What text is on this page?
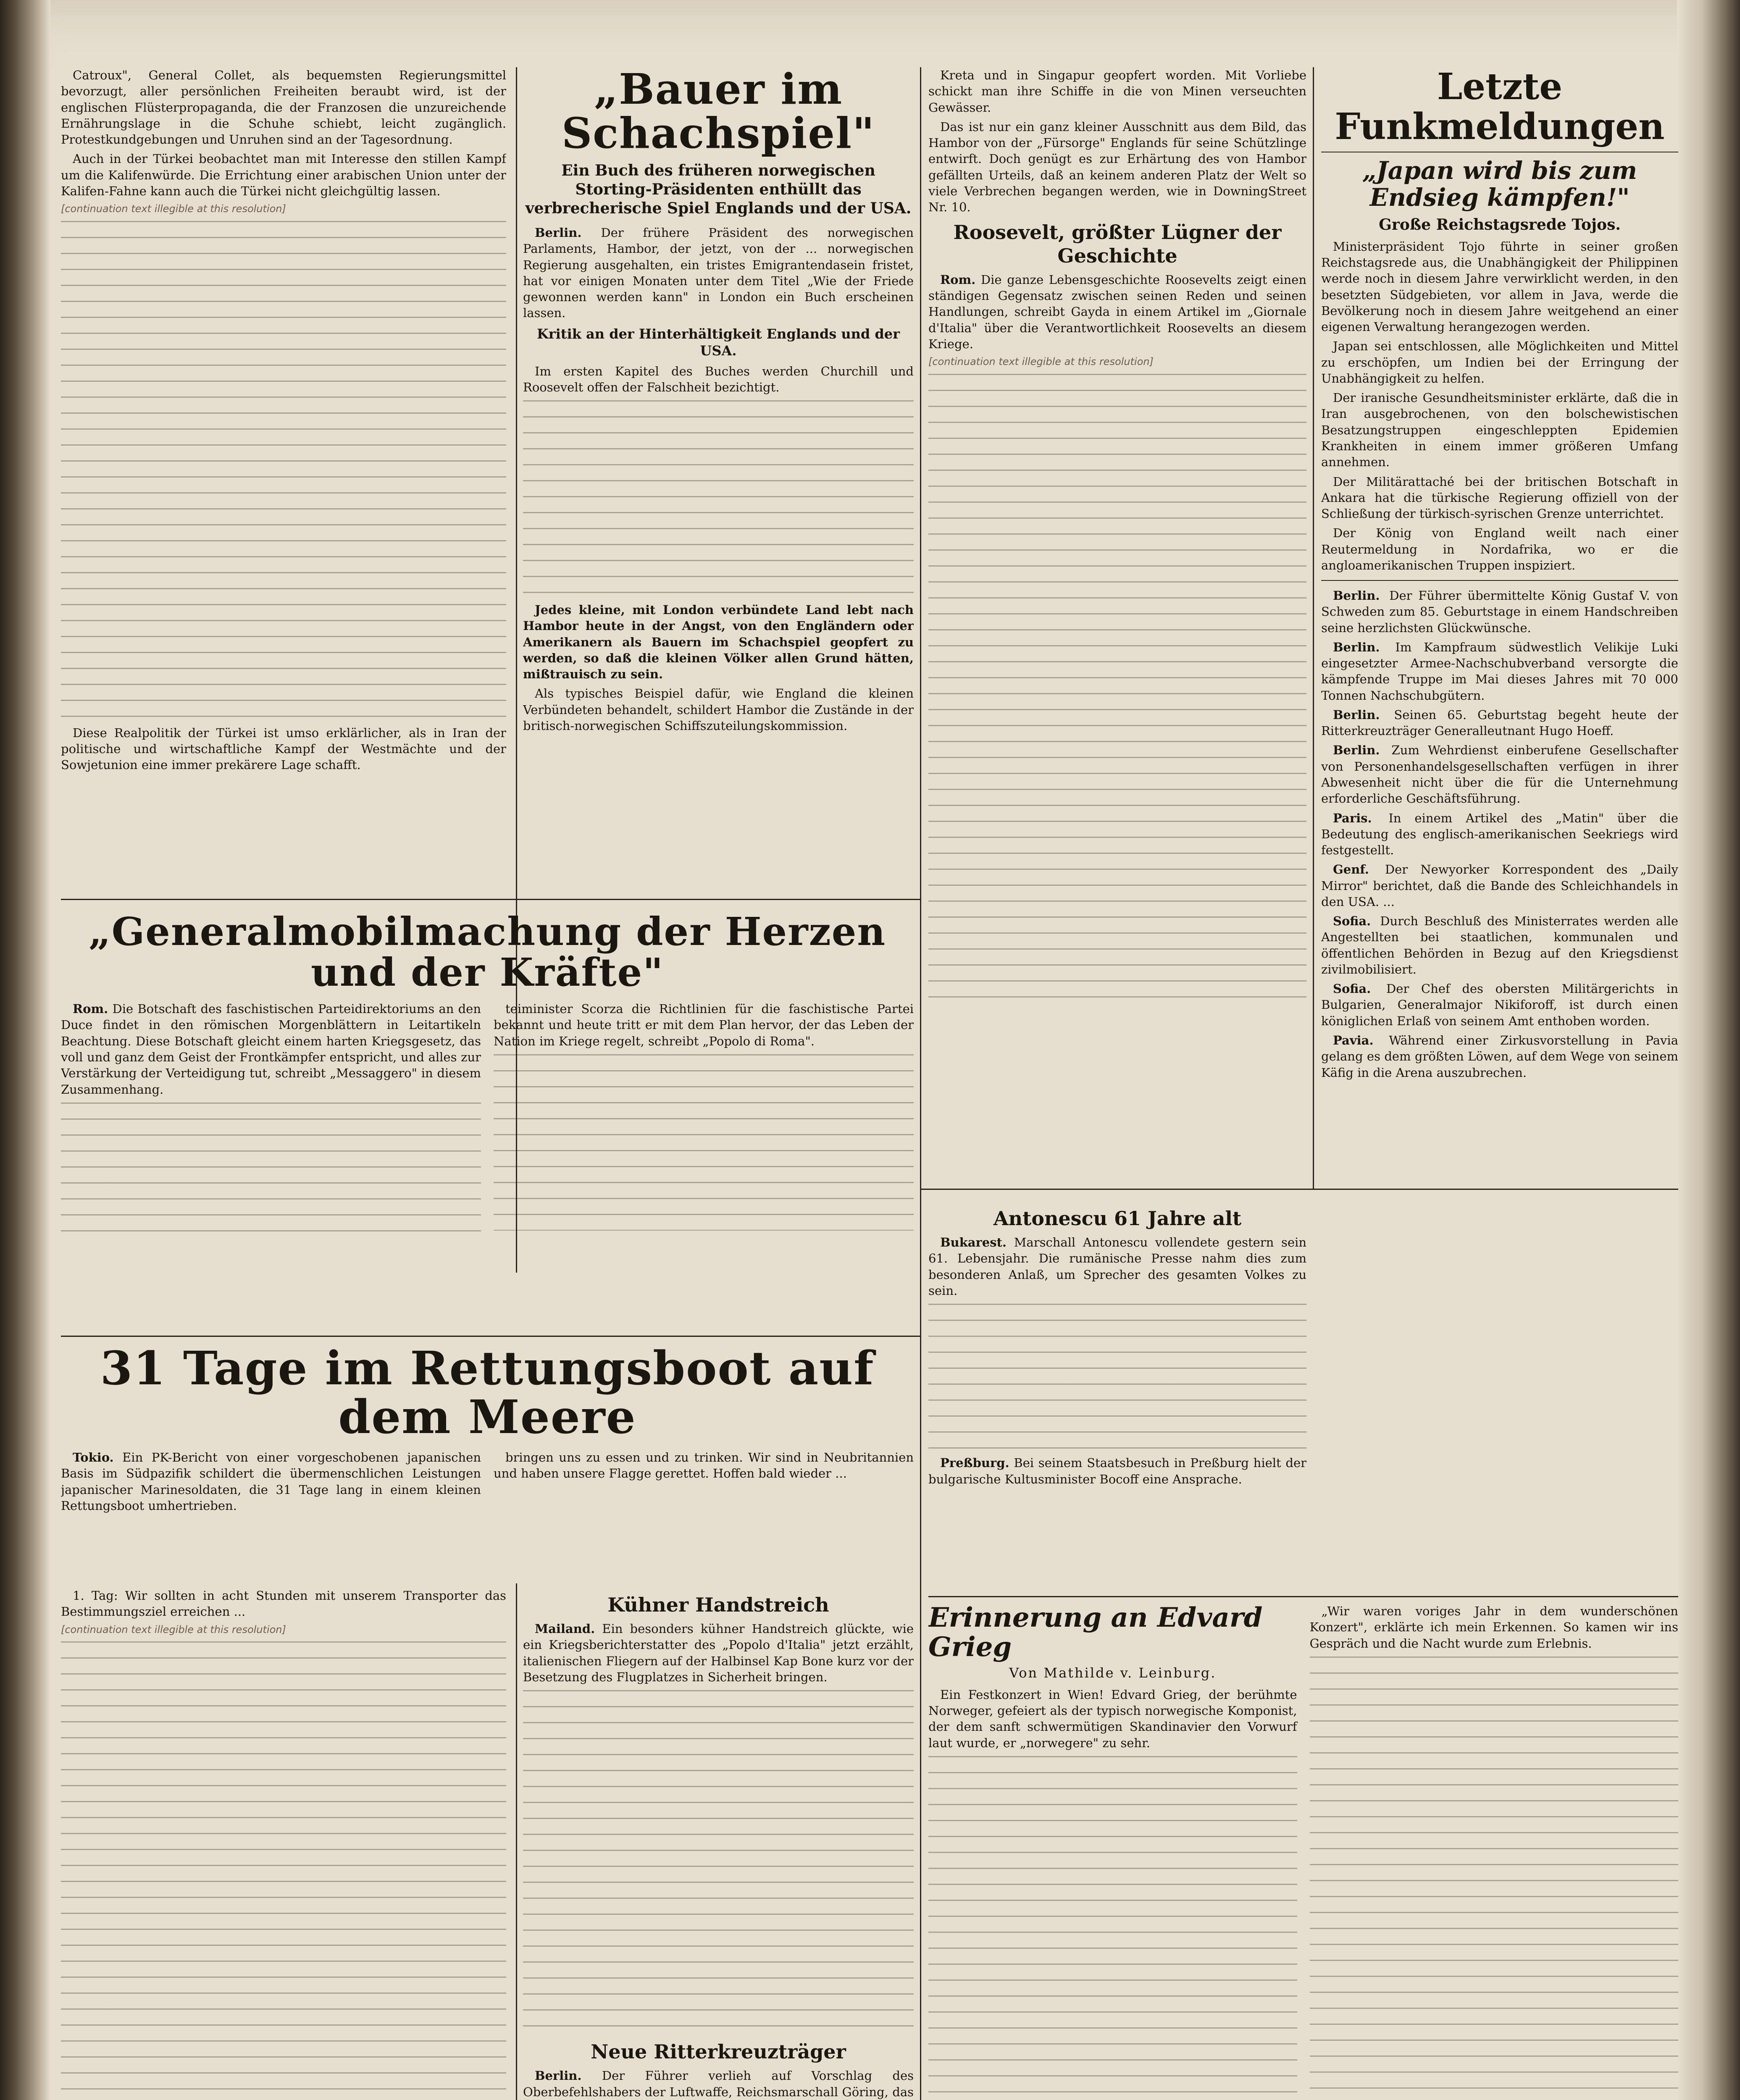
Catroux", General Collet, als bequemsten Regierungsmittel bevorzugt, aller persönlichen Freiheiten beraubt wird, ist der englischen Flüsterpropaganda, die der Franzosen die unzureichende Ernährungslage in die Schuhe schiebt, leicht zugänglich. Protestkundgebungen und Unruhen sind an der Tagesordnung.

Auch in der Türkei beobachtet man mit Interesse den stillen Kampf um die Kalifenwürde. Die Errichtung einer arabischen Union unter der Kalifen-Fahne kann auch die Türkei nicht gleichgültig lassen.

[continuation text illegible at this resolution]

Diese Realpolitik der Türkei ist umso erklärlicher, als in Iran der politische und wirtschaftliche Kampf der Westmächte und der Sowjetunion eine immer prekärere Lage schafft.

„Bauer im Schachspiel"
Ein Buch des früheren norwegischen Storting-Präsidenten enthüllt das verbrecherische Spiel Englands und der USA.

Berlin. Der frühere Präsident des norwegischen Parlaments, Hambor, der jetzt, von der ... norwegischen Regierung ausgehalten, ein tristes Emigrantendasein fristet, hat vor einigen Monaten unter dem Titel „Wie der Friede gewonnen werden kann" in London ein Buch erscheinen lassen.

Kritik an der Hinterhältigkeit Englands und der USA.

Im ersten Kapitel des Buches werden Churchill und Roosevelt offen der Falschheit bezichtigt.

Jedes kleine, mit London verbündete Land lebt nach Hambor heute in der Angst, von den Engländern oder Amerikanern als Bauern im Schachspiel geopfert zu werden, so daß die kleinen Völker allen Grund hätten, mißtrauisch zu sein.

Als typisches Beispiel dafür, wie England die kleinen Verbündeten behandelt, schildert Hambor die Zustände in der britisch-norwegischen Schiffszuteilungskommission.

Kreta und in Singapur geopfert worden. Mit Vorliebe schickt man ihre Schiffe in die von Minen verseuchten Gewässer.

Das ist nur ein ganz kleiner Ausschnitt aus dem Bild, das Hambor von der „Fürsorge" Englands für seine Schützlinge entwirft. Doch genügt es zur Erhärtung des von Hambor gefällten Urteils, daß an keinem anderen Platz der Welt so viele Verbrechen begangen werden, wie in DowningStreet Nr. 10.

Roosevelt, größter Lügner der Geschichte

Rom. Die ganze Lebensgeschichte Roosevelts zeigt einen ständigen Gegensatz zwischen seinen Reden und seinen Handlungen, schreibt Gayda in einem Artikel im „Giornale d'Italia" über die Verantwortlichkeit Roosevelts an diesem Kriege.

[continuation text illegible at this resolution]
Letzte Funkmeldungen
„Japan wird bis zum Endsieg kämpfen!"
Große Reichstagsrede Tojos.

Ministerpräsident Tojo führte in seiner großen Reichstagsrede aus, die Unabhängigkeit der Philippinen werde noch in diesem Jahre verwirklicht werden, in den besetzten Südgebieten, vor allem in Java, werde die Bevölkerung noch in diesem Jahre weitgehend an einer eigenen Verwaltung herangezogen werden.

Japan sei entschlossen, alle Möglichkeiten und Mittel zu erschöpfen, um Indien bei der Erringung der Unabhängigkeit zu helfen.

Der iranische Gesundheitsminister erklärte, daß die in Iran ausgebrochenen, von den bolschewistischen Besatzungstruppen eingeschleppten Epidemien Krankheiten in einem immer größeren Umfang annehmen.

Der Militärattaché bei der britischen Botschaft in Ankara hat die türkische Regierung offiziell von der Schließung der türkisch-syrischen Grenze unterrichtet.

Der König von England weilt nach einer Reutermeldung in Nordafrika, wo er die angloamerikanischen Truppen inspiziert.

Berlin. Der Führer übermittelte König Gustaf V. von Schweden zum 85. Geburtstage in einem Handschreiben seine herzlichsten Glückwünsche.

Berlin. Im Kampfraum südwestlich Velikije Luki eingesetzter Armee-Nachschubverband versorgte die kämpfende Truppe im Mai dieses Jahres mit 70 000 Tonnen Nachschubgütern.

Berlin. Seinen 65. Geburtstag begeht heute der Ritterkreuzträger Generalleutnant Hugo Hoeff.

Berlin. Zum Wehrdienst einberufene Gesellschafter von Personenhandelsgesellschaften verfügen in ihrer Abwesenheit nicht über die für die Unternehmung erforderliche Geschäftsführung.

Paris. In einem Artikel des „Matin" über die Bedeutung des englisch-amerikanischen Seekriegs wird festgestellt.

Genf. Der Newyorker Korrespondent des „Daily Mirror" berichtet, daß die Bande des Schleichhandels in den USA. ...

Sofia. Durch Beschluß des Ministerrates werden alle Angestellten bei staatlichen, kommunalen und öffentlichen Behörden in Bezug auf den Kriegsdienst zivilmobilisiert.

Sofia. Der Chef des obersten Militärgerichts in Bulgarien, Generalmajor Nikiforoff, ist durch einen königlichen Erlaß von seinem Amt enthoben worden.

Pavia. Während einer Zirkusvorstellung in Pavia gelang es dem größten Löwen, auf dem Wege von seinem Käfig in die Arena auszubrechen.

„Generalmobilmachung der Herzen
und der Kräfte"

Rom. Die Botschaft des faschistischen Parteidirektoriums an den Duce findet in den römischen Morgenblättern in Leitartikeln Beachtung. Diese Botschaft gleicht einem harten Kriegsgesetz, das voll und ganz dem Geist der Frontkämpfer entspricht, und alles zur Verstärkung der Verteidigung tut, schreibt „Messaggero" in diesem Zusammenhang.

teiminister Scorza die Richtlinien für die faschistische Partei bekannt und heute tritt er mit dem Plan hervor, der das Leben der Nation im Kriege regelt, schreibt „Popolo di Roma".

Antonescu 61 Jahre alt

Bukarest. Marschall Antonescu vollendete gestern sein 61. Lebensjahr. Die rumänische Presse nahm dies zum besonderen Anlaß, um Sprecher des gesamten Volkes zu sein.

Preßburg. Bei seinem Staatsbesuch in Preßburg hielt der bulgarische Kultusminister Bocoff eine Ansprache.

31 Tage im Rettungsboot auf dem Meere

Tokio. Ein PK-Bericht von einer vorgeschobenen japanischen Basis im Südpazifik schildert die übermenschlichen Leistungen japanischer Marinesoldaten, die 31 Tage lang in einem kleinen Rettungsboot umhertrieben.

bringen uns zu essen und zu trinken. Wir sind in Neubritannien und haben unsere Flagge gerettet. Hoffen bald wieder ...

1. Tag: Wir sollten in acht Stunden mit unserem Transporter das Bestimmungsziel erreichen ...

[continuation text illegible at this resolution]
Kühner Handstreich

Mailand. Ein besonders kühner Handstreich glückte, wie ein Kriegsberichterstatter des „Popolo d'Italia" jetzt erzählt, italienischen Fliegern auf der Halbinsel Kap Bone kurz vor der Besetzung des Flugplatzes in Sicherheit bringen.

Neue Ritterkreuzträger

Berlin. Der Führer verlieh auf Vorschlag des Oberbefehlshabers der Luftwaffe, Reichsmarschall Göring, das

Erinnerung an Edvard Grieg
Von Mathilde v. Leinburg.

Ein Festkonzert in Wien! Edvard Grieg, der berühmte Norweger, gefeiert als der typisch norwegische Komponist, der dem sanft schwermütigen Skandinavier den Vorwurf laut wurde, er „norwegere" zu sehr.

„Wir waren voriges Jahr in dem wunderschönen Konzert", erklärte ich mein Erkennen. So kamen wir ins Gespräch und die Nacht wurde zum Erlebnis.
